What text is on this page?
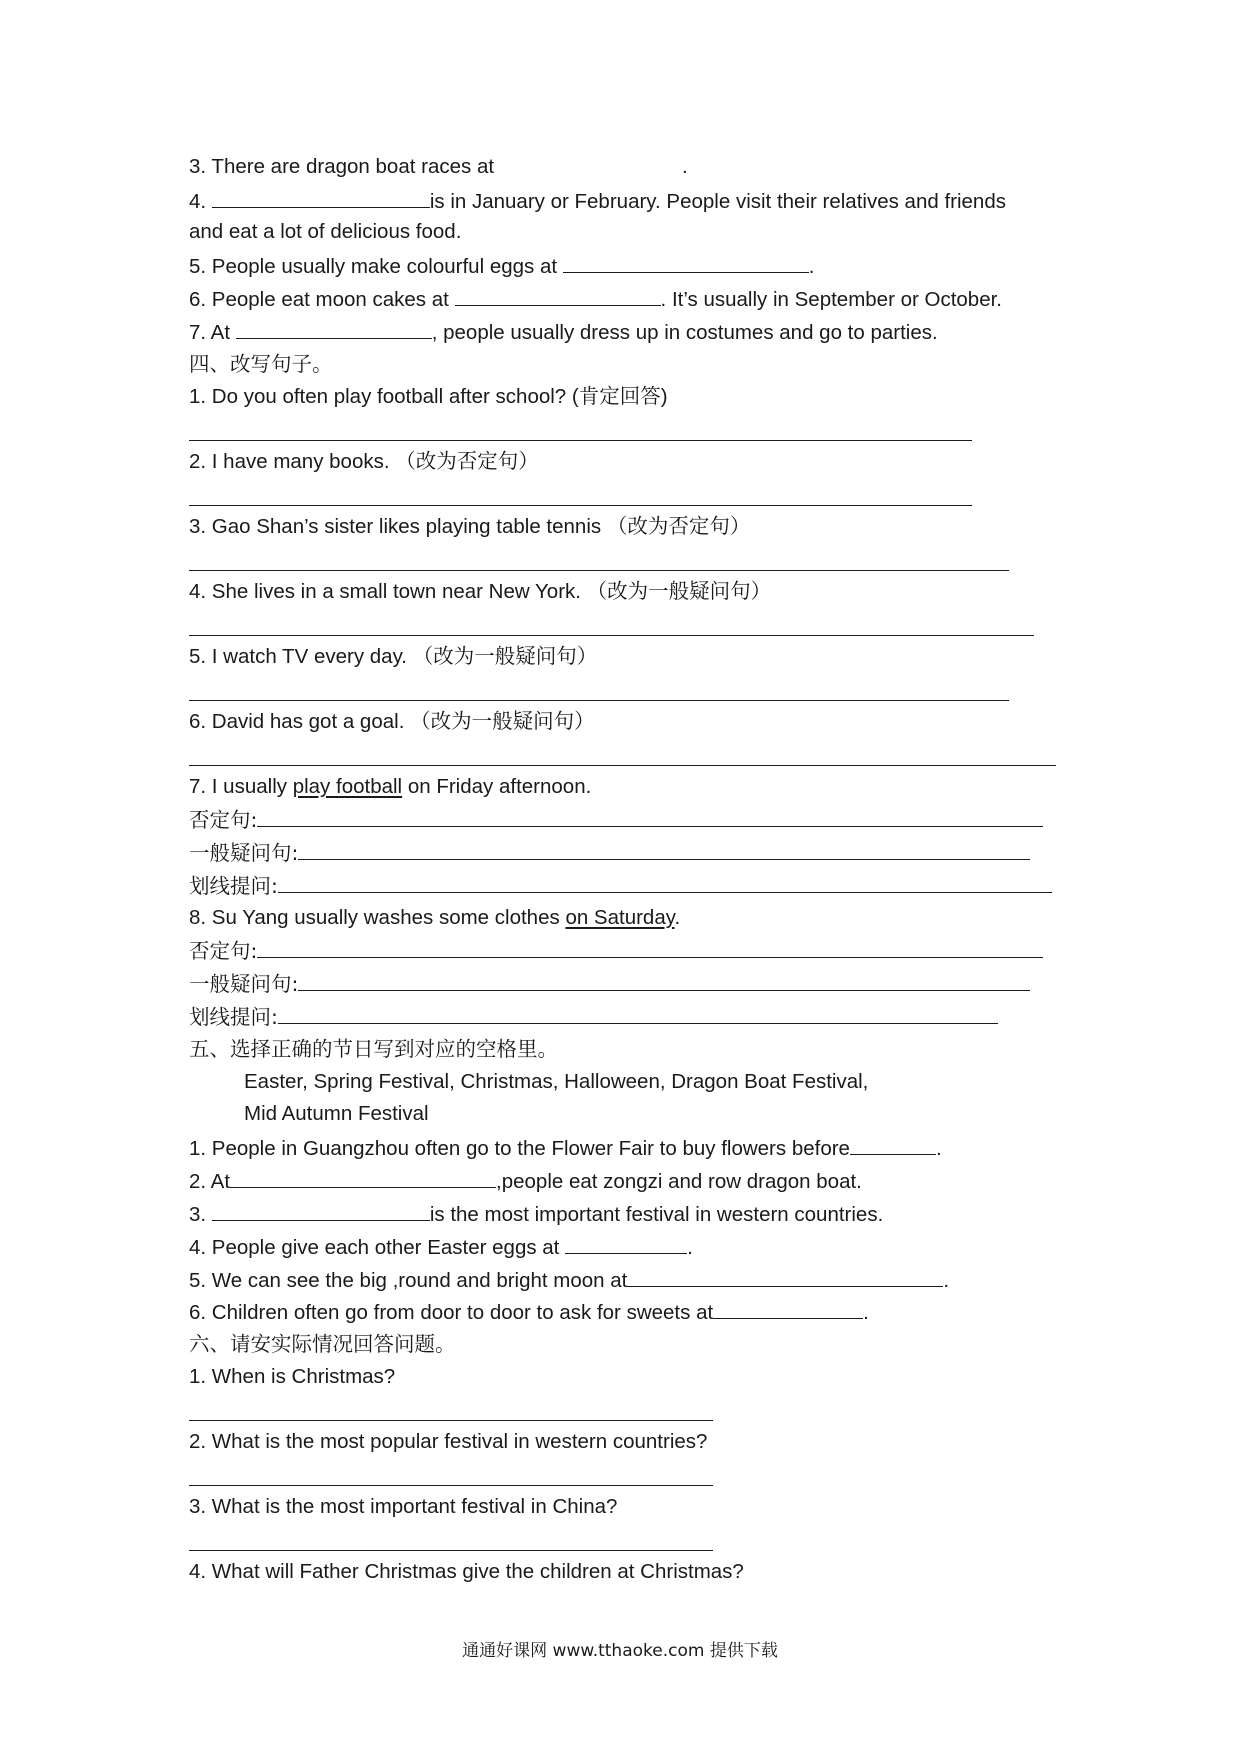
3. There are dragon boat races at	.
4.	is in January or February. People visit their relatives and friends
and eat a lot of delicious food.
5. People usually make colourful eggs at	.
6. People eat moon cakes at	. It’s usually in September or October.
7. At	, people usually dress up in costumes and go to parties.
四、改写句子。
1. Do you often play football after school? (肯定回答)
2. I have many books. （改为否定句）
3. Gao Shan’s sister likes playing table tennis （改为否定句）
4. She lives in a small town near New York. （改为一般疑问句）
5. I watch TV every day. （改为一般疑问句）
6. David has got a goal. （改为一般疑问句）
7. I usually play football on Friday afternoon.
否定句:
一般疑问句:
划线提问:
8. Su Yang usually washes some clothes on Saturday.
否定句:
一般疑问句:
划线提问:
五、选择正确的节日写到对应的空格里。
Easter, Spring Festival, Christmas, Halloween, Dragon Boat Festival,
Mid Autumn Festival
1. People in Guangzhou often go to the Flower Fair to buy flowers before	.
2. At	,people eat zongzi and row dragon boat.
3.	is the most important festival in western countries.
4. People give each other Easter eggs at	.
5. We can see the big ,round and bright moon at	.
6. Children often go from door to door to ask for sweets at	.
六、请安实际情况回答问题。
1. When is Christmas?
2. What is the most popular festival in western countries?
3. What is the most important festival in China?
4. What will Father Christmas give the children at Christmas?
通通好课网 www.tthaoke.com 提供下载
